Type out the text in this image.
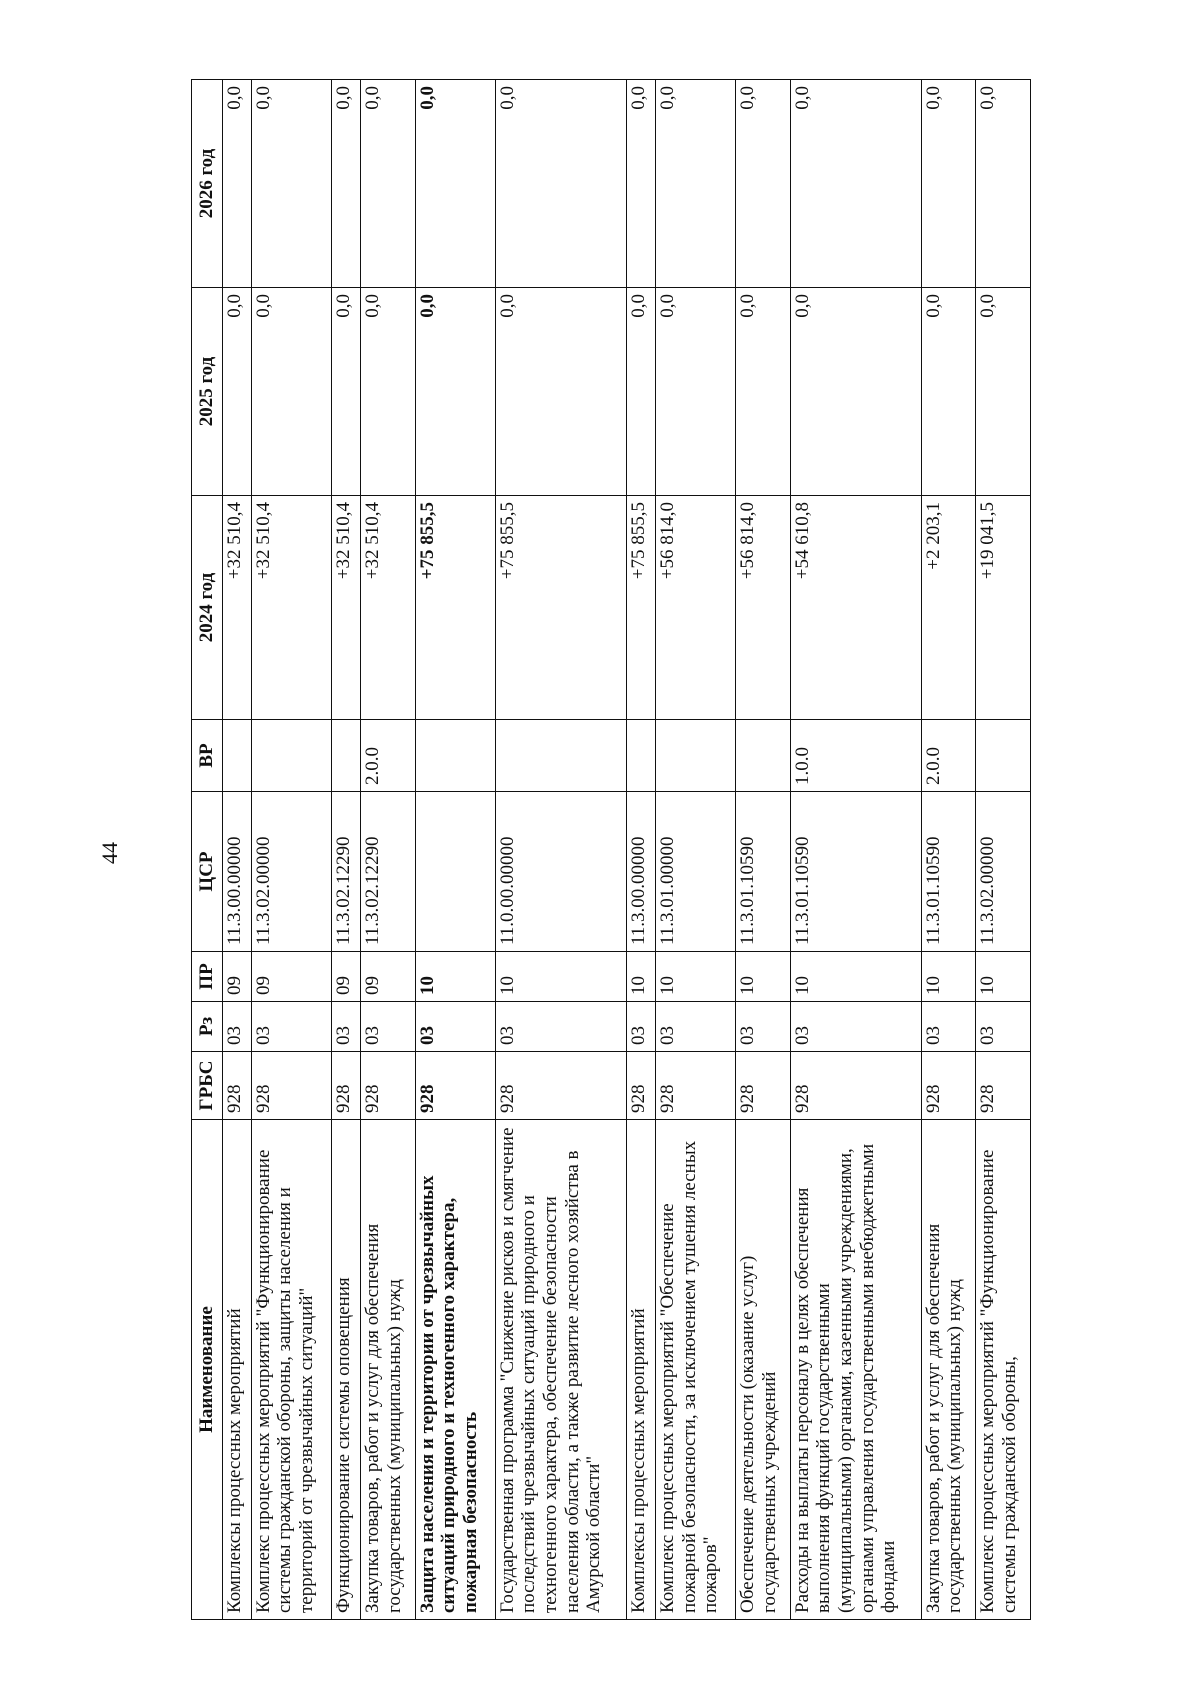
44
Наименование	ГРБС	Рз	ПР	ЦСР	ВР	2024 год	2025 год	2026 год
Комплексы процессных мероприятий	928	03	09	11.3.00.00000		+32 510,4	0,0	0,0
Комплекс процессных мероприятий "Функционирование системы гражданской обороны, защиты населения и территорий от чрезвычайных ситуаций"	928	03	09	11.3.02.00000		+32 510,4	0,0	0,0
Функционирование системы оповещения	928	03	09	11.3.02.12290		+32 510,4	0,0	0,0
Закупка товаров, работ и услуг для обеспечения государственных (муниципальных) нужд	928	03	09	11.3.02.12290	2.0.0	+32 510,4	0,0	0,0
Защита населения и территории от чрезвычайных ситуаций природного и техногенного характера, пожарная безопасность	928	03	10			+75 855,5	0,0	0,0
Государственная программа "Снижение рисков и смягчение последствий чрезвычайных ситуаций природного и техногенного характера, обеспечение безопасности населения области, а также развитие лесного хозяйства в Амурской области"	928	03	10	11.0.00.00000		+75 855,5	0,0	0,0
Комплексы процессных мероприятий	928	03	10	11.3.00.00000		+75 855,5	0,0	0,0
Комплекс процессных мероприятий "Обеспечение пожарной безопасности, за исключением тушения лесных пожаров"	928	03	10	11.3.01.00000		+56 814,0	0,0	0,0
Обеспечение деятельности (оказание услуг) государственных учреждений	928	03	10	11.3.01.10590		+56 814,0	0,0	0,0
Расходы на выплаты персоналу в целях обеспечения выполнения функций государственными (муниципальными) органами, казенными учреждениями, органами управления государственными внебюджетными фондами	928	03	10	11.3.01.10590	1.0.0	+54 610,8	0,0	0,0
Закупка товаров, работ и услуг для обеспечения государственных (муниципальных) нужд	928	03	10	11.3.01.10590	2.0.0	+2 203,1	0,0	0,0
Комплекс процессных мероприятий "Функционирование системы гражданской обороны,	928	03	10	11.3.02.00000		+19 041,5	0,0	0,0
